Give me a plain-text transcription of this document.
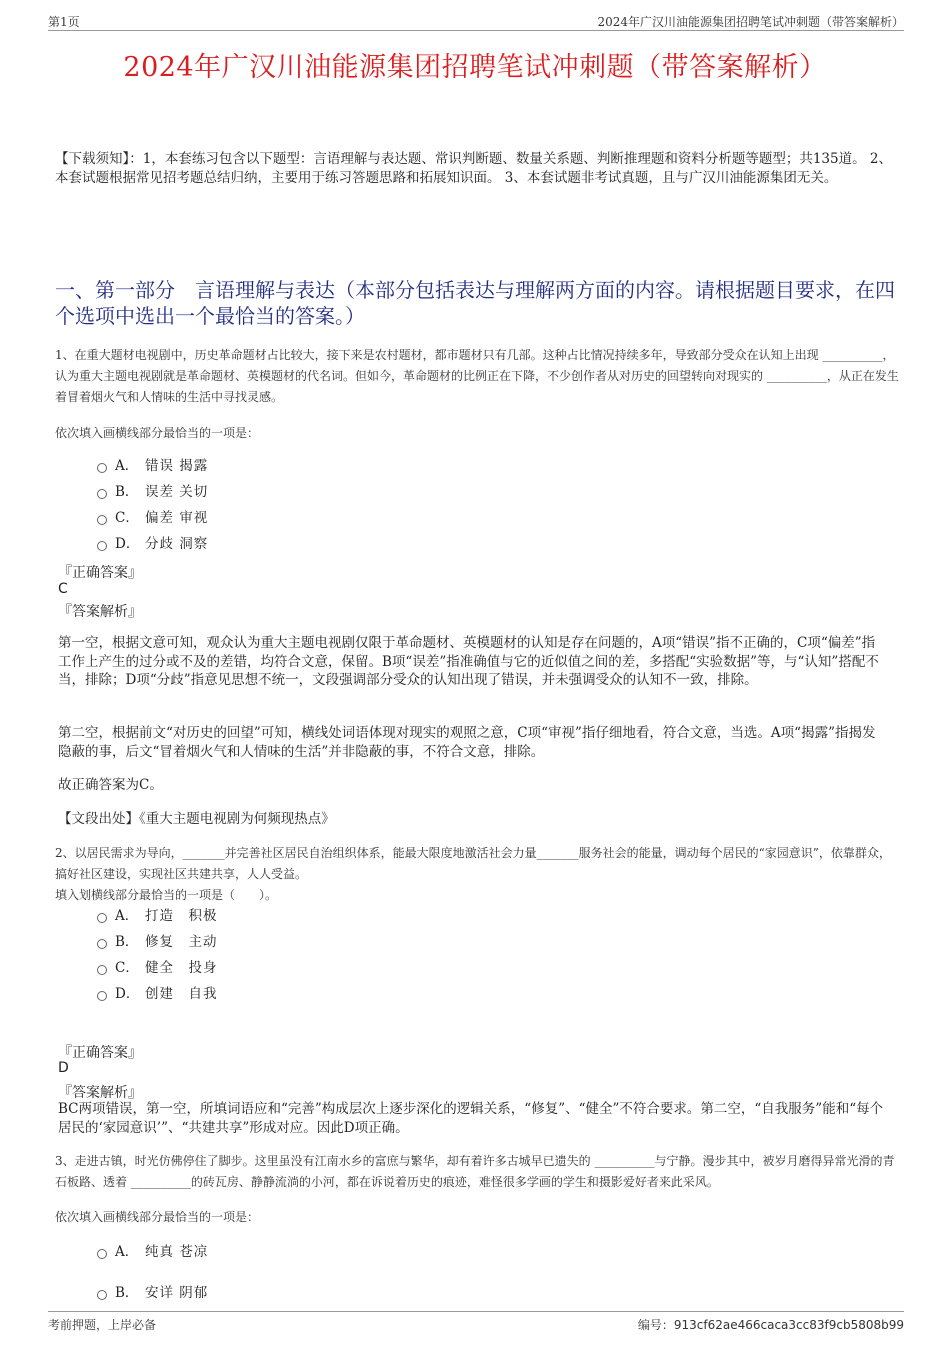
第1页	2024年广汉川油能源集团招聘笔试冲刺题（带答案解析）
2024年广汉川油能源集团招聘笔试冲刺题（带答案解析）
【下载须知】：1，本套练习包含以下题型：言语理解与表达题、常识判断题、数量关系题、判断推理题和资料分析题等题型；共135道。 2、本套试题根据常见招考题总结归纳，主要用于练习答题思路和拓展知识面。 3、本套试题非考试真题，且与广汉川油能源集团无关。
一、第一部分　言语理解与表达（本部分包括表达与理解两方面的内容。请根据题目要求，在四个选项中选出一个最恰当的答案。）
1、在重大题材电视剧中，历史革命题材占比较大，接下来是农村题材，都市题材只有几部。这种占比情况持续多年，导致部分受众在认知上出现 __________，认为重大主题电视剧就是革命题材、英模题材的代名词。但如今，革命题材的比例正在下降，不少创作者从对历史的回望转向对现实的 __________，从正在发生着冒着烟火气和人情味的生活中寻找灵感。
依次填入画横线部分最恰当的一项是：
A． 错误 揭露
B． 误差 关切
C． 偏差 审视
D． 分歧 洞察
『正确答案』
C
『答案解析』
第一空，根据文意可知，观众认为重大主题电视剧仅限于革命题材、英模题材的认知是存在问题的，A项“错误”指不正确的，C项“偏差”指工作上产生的过分或不及的差错，均符合文意，保留。B项“误差”指准确值与它的近似值之间的差，多搭配“实验数据”等，与“认知”搭配不当，排除；D项“分歧”指意见思想不统一，文段强调部分受众的认知出现了错误，并未强调受众的认知不一致，排除。
第二空，根据前文“对历史的回望”可知，横线处词语体现对现实的观照之意，C项“审视”指仔细地看，符合文意，当选。A项“揭露”指揭发隐蔽的事，后文“冒着烟火气和人情味的生活”并非隐蔽的事，不符合文意，排除。
故正确答案为C。
【文段出处】《重大主题电视剧为何频现热点》
2、以居民需求为导向，_______并完善社区居民自治组织体系，能最大限度地激活社会力量_______服务社会的能量，调动每个居民的“家园意识”，依靠群众，搞好社区建设，实现社区共建共享，人人受益。
填入划横线部分最恰当的一项是（　　）。
A． 打造　积极
B． 修复　主动
C． 健全　投身
D． 创建　自我
『正确答案』
D
『答案解析』
BC两项错误，第一空，所填词语应和“完善”构成层次上逐步深化的逻辑关系，“修复”、“健全”不符合要求。第二空，“自我服务”能和“每个居民的‘家园意识’”、“共建共享”形成对应。因此D项正确。
3、走进古镇，时光仿佛停住了脚步。这里虽没有江南水乡的富庶与繁华，却有着许多古城早已遗失的 __________与宁静。漫步其中，被岁月磨得异常光滑的青石板路、透着 __________的砖瓦房、静静流淌的小河，都在诉说着历史的痕迹，难怪很多学画的学生和摄影爱好者来此采风。
依次填入画横线部分最恰当的一项是：
A． 纯真 苍凉
B． 安详 阴郁
考前押题，上岸必备	编号：913cf62ae466caca3cc83f9cb5808b99
